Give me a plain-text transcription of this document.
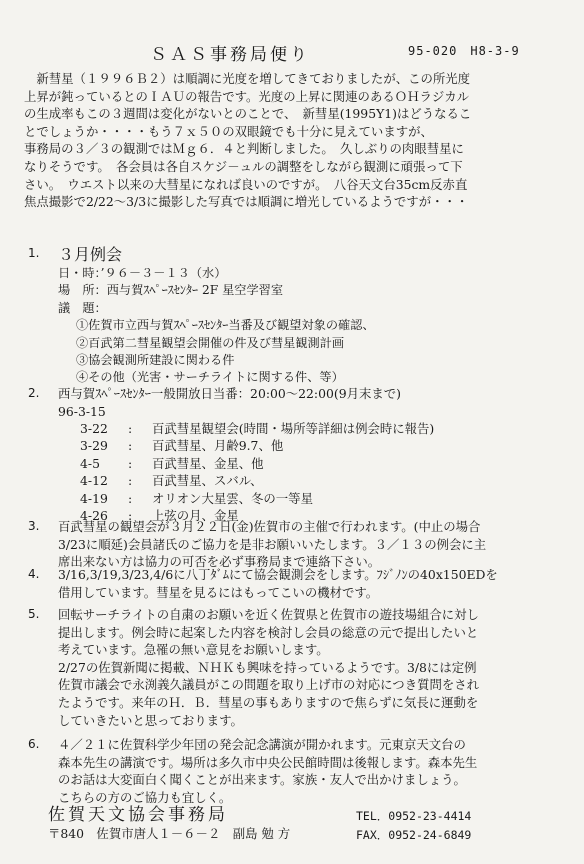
ＳＡＳ事務局便り	95-020　H8-3-9
　新彗星（１９９６Ｂ２）は順調に光度を増してきておりましたが、この所光度
上昇が鈍っているとのＩＡＵの報告です。光度の上昇に関連のあるＯＨラジカル
の生成率もこの３週間は変化がないとのことで、　新彗星(1995Y1)はどうなるこ
とでしょうか・・・・もう７ｘ５０の双眼鏡でも十分に見えていますが、
事務局の３／３の観測ではＭｇ６．４と判断しました。　久しぶりの肉眼彗星に
なりそうです。　各会員は各自スケジ－ュルの調整をしながら観測に頑張って下
さい。　ウエスト以来の大彗星になれば良いのですが。　八谷天文台35cm反赤直
焦点撮影で2/22～3/3に撮影した写真では順調に増光しているようですが・・・
1. ３月例会
日・時：’９６－３－１３（水）
場　所：西与賀ｽﾍﾟｰｽｾﾝﾀｰ 2F 星空学習室
議　題：
①佐賀市立西与賀ｽﾍﾟｰｽｾﾝﾀｰ当番及び観望対象の確認、
②百武第二彗星観望会開催の件及び彗星観測計画
③協会観測所建設に関わる件
④その他（光害・サーチライトに関する件、等）
2. 西与賀ｽﾍﾟｰｽｾﾝﾀｰ一般開放日当番：20:00～22:00(9月末まで)
96-3-15
3-22 : 百武彗星観望会(時間・場所等詳細は例会時に報告)
3-29 : 百武彗星、月齢9.7、他
4-5 : 百武彗星、金星、他
4-12 : 百武彗星、スバル、
4-19 : オリオン大星雲、冬の一等星
4-26 : 上弦の月、金星
3. 百武彗星の観望会が３月２２日(金)佐賀市の主催で行われます。(中止の場合
3/23に順延)会員諸氏のご協力を是非お願いいたします。３／１３の例会に主
席出来ない方は協力の可否を必ず事務局まで連絡下さい。
4. 3/16,3/19,3/23,4/6に八丁ﾀﾞﾑにて協会観測会をします。ﾌｼﾞﾉﾝの40x150EDを
借用しています。彗星を見るにはもってこいの機材です。
5. 回転サーチライトの自粛のお願いを近く佐賀県と佐賀市の遊技場組合に対し
提出します。例会時に起案した内容を検討し会員の総意の元で提出したいと
考えています。急罹の無い意見をお願いします。
2/27の佐賀新聞に掲載、ＮＨＫも興味を持っているようです。3/8には定例
佐賀市議会で永渕義久議員がこの問題を取り上げ市の対応につき質問をされ
たようです。来年のＨ．Ｂ．彗星の事もありますので焦らずに気長に運動を
していきたいと思っております。
6. ４／２１に佐賀科学少年団の発会記念講演が開かれます。元東京天文台の
森本先生の講演です。場所は多久市中央公民館時間は後報します。森本先生
のお話は大変面白く聞くことが出来ます。家族・友人で出かけましょう。
こちらの方のご協力も宜しく。
佐賀天文協会事務局
〒840　佐賀市唐人１－６－２　副島 勉 方
TEL．0952-23-4414
FAX．0952-24-6849
